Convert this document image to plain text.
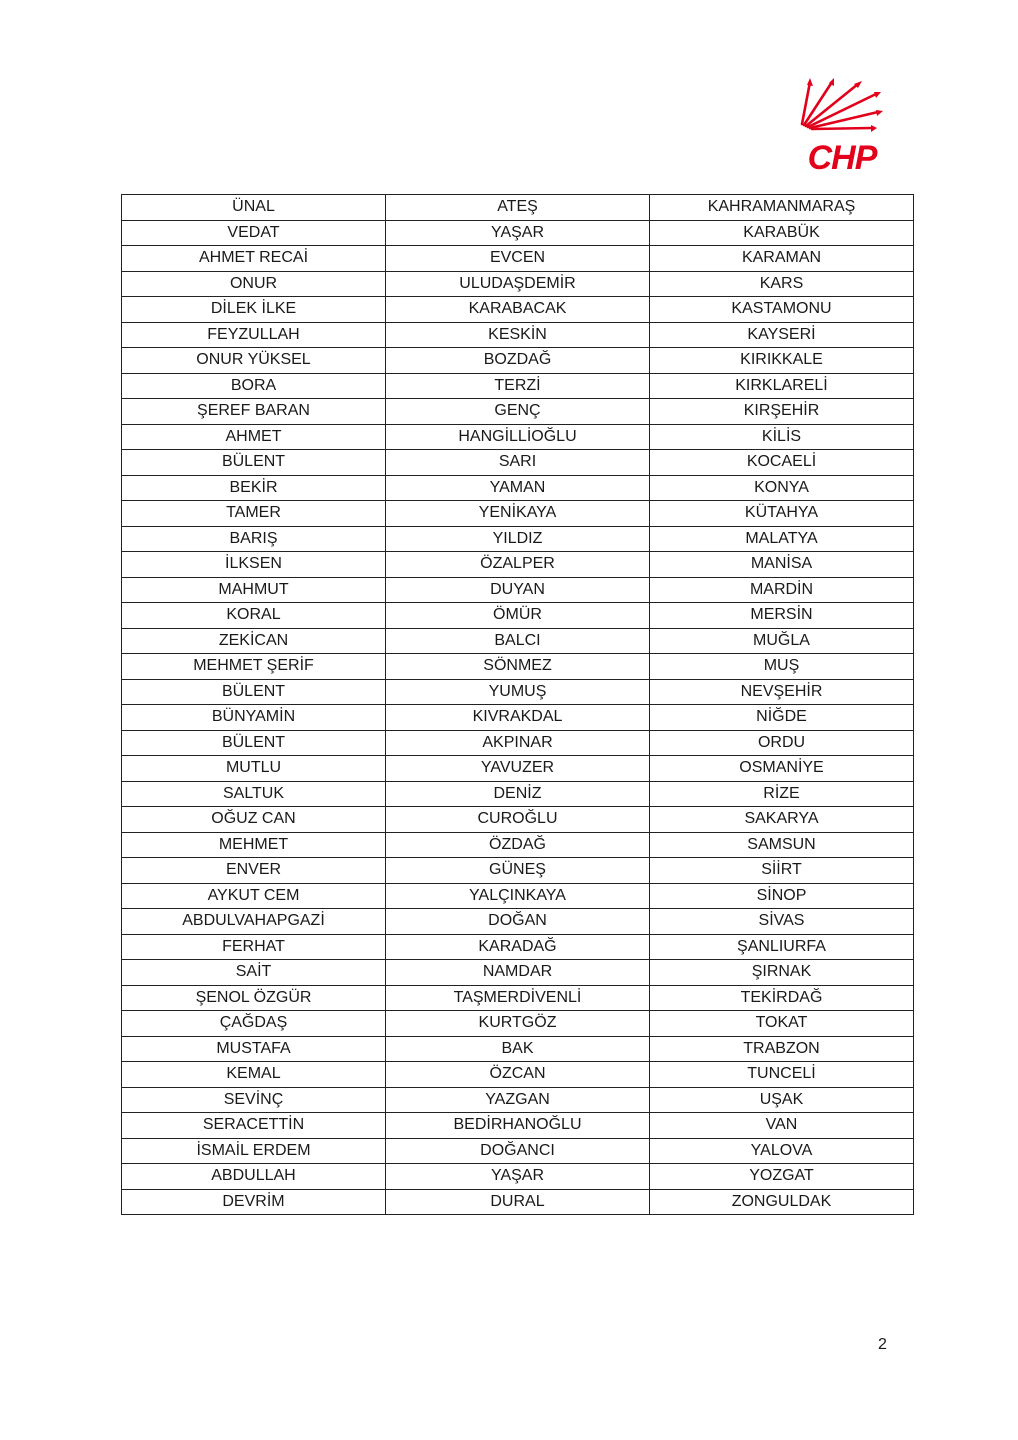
CHP
ÜNAL	ATEŞ	KAHRAMANMARAŞ
VEDAT	YAŞAR	KARABÜK
AHMET RECAİ	EVCEN	KARAMAN
ONUR	ULUDAŞDEMİR	KARS
DİLEK İLKE	KARABACAK	KASTAMONU
FEYZULLAH	KESKİN	KAYSERİ
ONUR YÜKSEL	BOZDAĞ	KIRIKKALE
BORA	TERZİ	KIRKLARELİ
ŞEREF BARAN	GENÇ	KIRŞEHİR
AHMET	HANGİLLİOĞLU	KİLİS
BÜLENT	SARI	KOCAELİ
BEKİR	YAMAN	KONYA
TAMER	YENİKAYA	KÜTAHYA
BARIŞ	YILDIZ	MALATYA
İLKSEN	ÖZALPER	MANİSA
MAHMUT	DUYAN	MARDİN
KORAL	ÖMÜR	MERSİN
ZEKİCAN	BALCI	MUĞLA
MEHMET ŞERİF	SÖNMEZ	MUŞ
BÜLENT	YUMUŞ	NEVŞEHİR
BÜNYAMİN	KIVRAKDAL	NİĞDE
BÜLENT	AKPINAR	ORDU
MUTLU	YAVUZER	OSMANİYE
SALTUK	DENİZ	RİZE
OĞUZ CAN	CUROĞLU	SAKARYA
MEHMET	ÖZDAĞ	SAMSUN
ENVER	GÜNEŞ	SİİRT
AYKUT CEM	YALÇINKAYA	SİNOP
ABDULVAHAPGAZİ	DOĞAN	SİVAS
FERHAT	KARADAĞ	ŞANLIURFA
SAİT	NAMDAR	ŞIRNAK
ŞENOL ÖZGÜR	TAŞMERDİVENLİ	TEKİRDAĞ
ÇAĞDAŞ	KURTGÖZ	TOKAT
MUSTAFA	BAK	TRABZON
KEMAL	ÖZCAN	TUNCELİ
SEVİNÇ	YAZGAN	UŞAK
SERACETTİN	BEDİRHANOĞLU	VAN
İSMAİL ERDEM	DOĞANCI	YALOVA
ABDULLAH	YAŞAR	YOZGAT
DEVRİM	DURAL	ZONGULDAK
2
